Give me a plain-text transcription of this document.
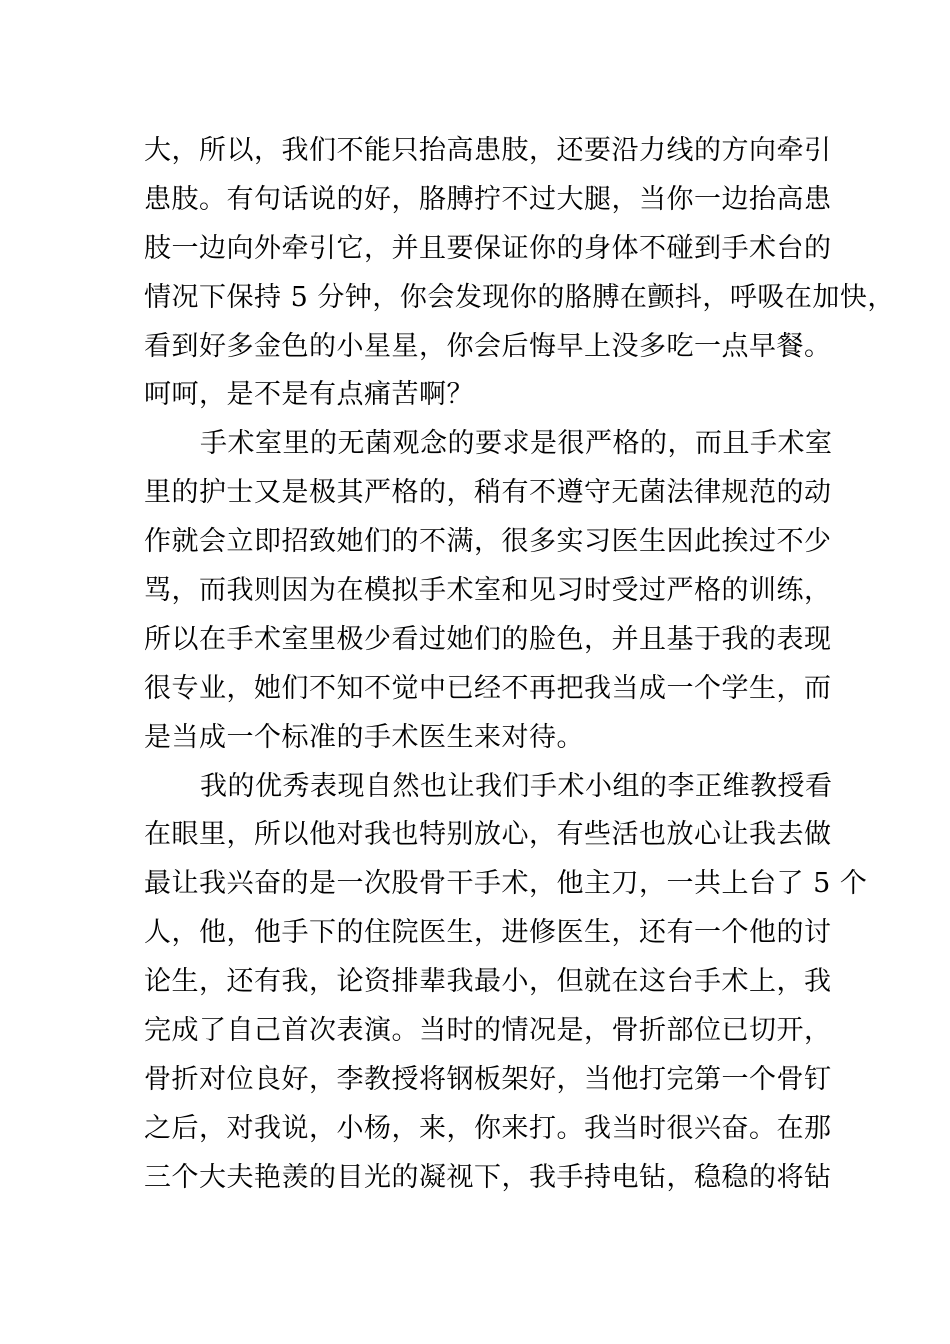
大，所以，我们不能只抬高患肢，还要沿力线的方向牵引
患肢。有句话说的好，胳膊拧不过大腿，当你一边抬高患
肢一边向外牵引它，并且要保证你的身体不碰到手术台的
情况下保持 5 分钟，你会发现你的胳膊在颤抖，呼吸在加快，
看到好多金色的小星星，你会后悔早上没多吃一点早餐。
呵呵，是不是有点痛苦啊？
手术室里的无菌观念的要求是很严格的，而且手术室
里的护士又是极其严格的，稍有不遵守无菌法律规范的动
作就会立即招致她们的不满，很多实习医生因此挨过不少
骂，而我则因为在模拟手术室和见习时受过严格的训练，
所以在手术室里极少看过她们的脸色，并且基于我的表现
很专业，她们不知不觉中已经不再把我当成一个学生，而
是当成一个标准的手术医生来对待。
我的优秀表现自然也让我们手术小组的李正维教授看
在眼里，所以他对我也特别放心，有些活也放心让我去做
最让我兴奋的是一次股骨干手术，他主刀，一共上台了 5 个
人，他，他手下的住院医生，进修医生，还有一个他的讨
论生，还有我，论资排辈我最小，但就在这台手术上，我
完成了自己首次表演。当时的情况是，骨折部位已切开，
骨折对位良好，李教授将钢板架好，当他打完第一个骨钉
之后，对我说，小杨，来，你来打。我当时很兴奋。在那
三个大夫艳羡的目光的凝视下，我手持电钻，稳稳的将钻
